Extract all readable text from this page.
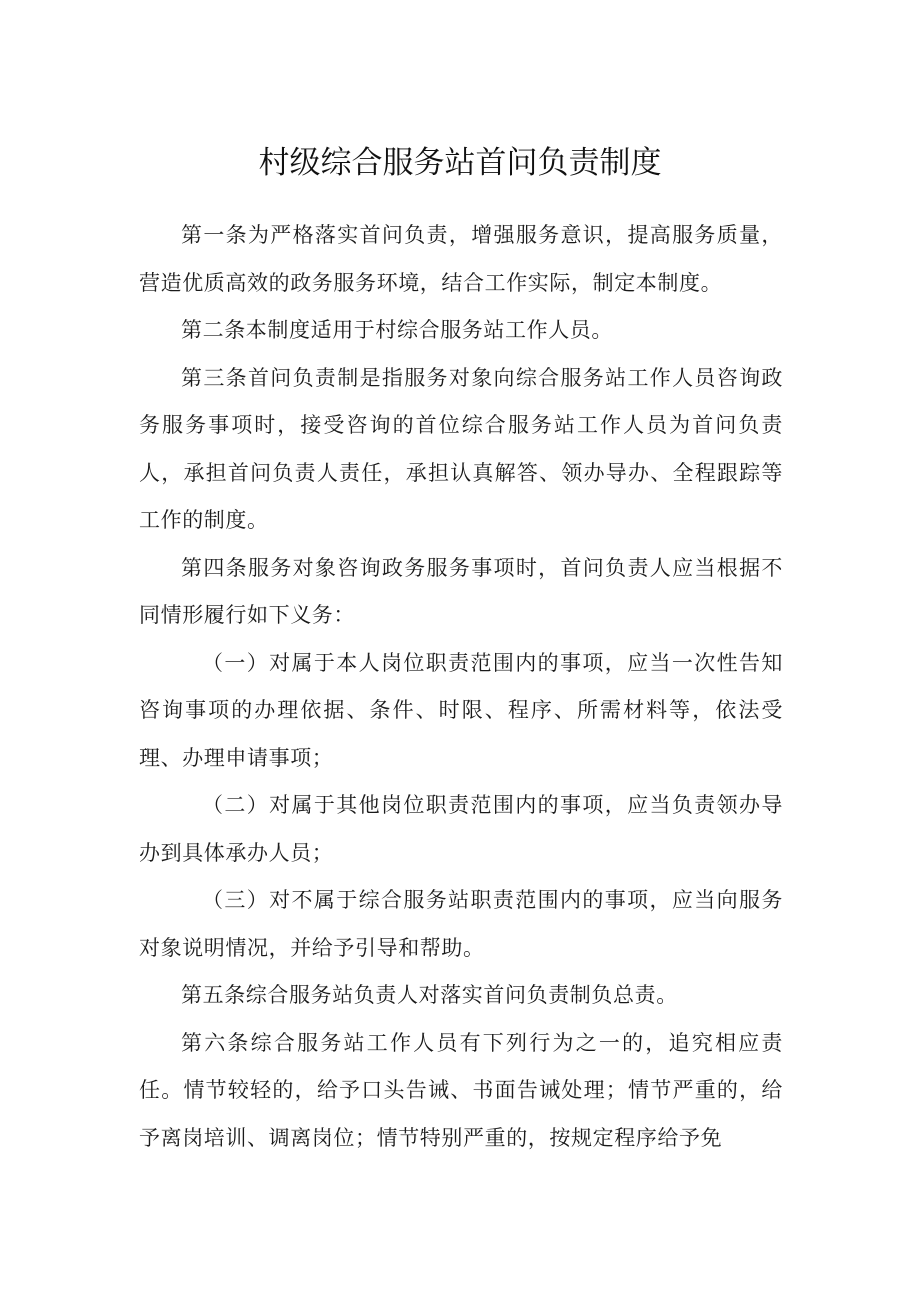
村级综合服务站首问负责制度

第一条为严格落实首问负责，增强服务意识，提高服务质量，营造优质高效的政务服务环境，结合工作实际，制定本制度。

第二条本制度适用于村综合服务站工作人员。

第三条首问负责制是指服务对象向综合服务站工作人员咨询政务服务事项时，接受咨询的首位综合服务站工作人员为首问负责人，承担首问负责人责任，承担认真解答、领办导办、全程跟踪等工作的制度。

第四条服务对象咨询政务服务事项时，首问负责人应当根据不同情形履行如下义务：

（一）对属于本人岗位职责范围内的事项，应当一次性告知咨询事项的办理依据、条件、时限、程序、所需材料等，依法受理、办理申请事项；

（二）对属于其他岗位职责范围内的事项，应当负责领办导办到具体承办人员；

（三）对不属于综合服务站职责范围内的事项，应当向服务对象说明情况，并给予引导和帮助。

第五条综合服务站负责人对落实首问负责制负总责。

第六条综合服务站工作人员有下列行为之一的，追究相应责任。情节较轻的，给予口头告诫、书面告诫处理；情节严重的，给予离岗培训、调离岗位；情节特别严重的，按规定程序给予免
